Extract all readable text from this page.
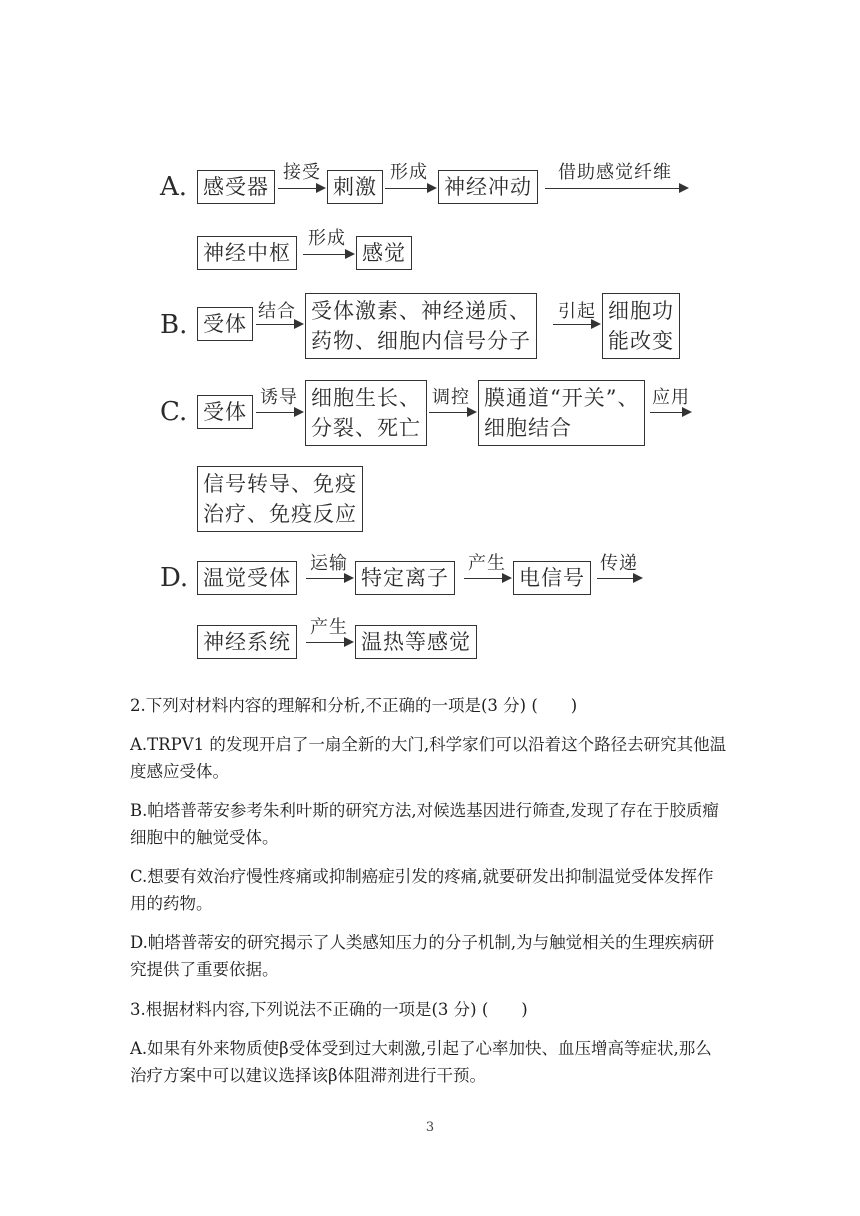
A. 感受器
接受
刺激
形成
神经冲动
借助感觉纤维
神经中枢
形成
感觉
B. 受体
结合 受体激素、神经递质、
药物、细胞内信号分子
引起 细胞功
能改变
C. 受体
诱导 细胞生长、
分裂、死亡
调控 膜通道“开关”、
细胞结合
应用
信号转导、免疫
治疗、免疫反应
D. 温觉受体
运输
特定离子
产生
电信号
传递
神经系统
产生
温热等感觉
2.下列对材料内容的理解和分析,不正确的一项是(3 分) (　　)
A.TRPV1 的发现开启了一扇全新的大门,科学家们可以沿着这个路径去研究其他温度感应受体。
B.帕塔普蒂安参考朱利叶斯的研究方法,对候选基因进行筛查,发现了存在于胶质瘤细胞中的触觉受体。
C.想要有效治疗慢性疼痛或抑制癌症引发的疼痛,就要研发出抑制温觉受体发挥作用的药物。
D.帕塔普蒂安的研究揭示了人类感知压力的分子机制,为与触觉相关的生理疾病研究提供了重要依据。
3.根据材料内容,下列说法不正确的一项是(3 分) (　　)
A.如果有外来物质使β受体受到过大刺激,引起了心率加快、血压增高等症状,那么 治疗方案中可以建议选择该β体阻滞剂进行干预。
3
